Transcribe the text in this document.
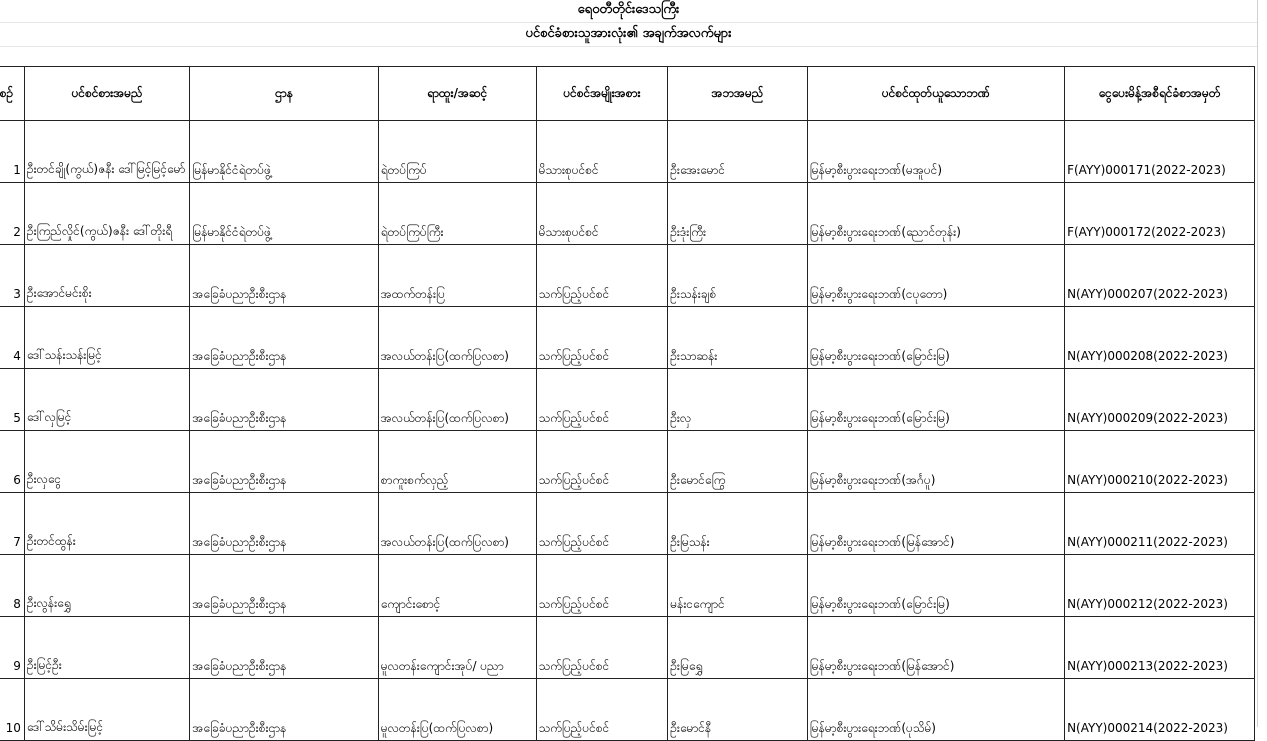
ရေဝတီတိုင်းဒေသကြီး
ပင်စင်ခံစားသူအားလုံး၏ အချက်အလက်များ
စဉ်	ပင်စင်စားအမည်	ဌာန	ရာထူး/အဆင့်	ပင်စင်အမျိုးအစား	အဘအမည်	ပင်စင်ထုတ်ယူသောဘဏ်	ငွေပေးမိန့်အစီရင်ခံစာအမှတ်
1	ဦးတင်ချို(ကွယ်)ဇနီး ဒေါ်မြင့်မြင့်မော်	မြန်မာနိုင်ငံရဲတပ်ဖွဲ့	ရဲတပ်ကြပ်	မိသားစုပင်စင်	ဦးအေးမောင်	မြန်မာ့စီးပွားရေးဘဏ်(မအူပင်)	F(AYY)000171(2022-2023)
2	ဦးကြည်လှိုင်(ကွယ်)ဇနီး ဒေါ်တိုးရီ	မြန်မာနိုင်ငံရဲတပ်ဖွဲ့	ရဲတပ်ကြပ်ကြီး	မိသားစုပင်စင်	ဦးဒုံးကြီး	မြန်မာ့စီးပွားရေးဘဏ်(ညောင်တုန်း)	F(AYY)000172(2022-2023)
3	ဦးအောင်မင်းစိုး	အခြေခံပညာဦးစီးဌာန	အထက်တန်းပြ	သက်ပြည့်ပင်စင်	ဦးသန်းချစ်	မြန်မာ့စီးပွားရေးဘဏ်(ငပုတော)	N(AYY)000207(2022-2023)
4	ဒေါ်သန်းသန်းမြင့်	အခြေခံပညာဦးစီးဌာန	အလယ်တန်းပြ(ထက်ပြလစာ)	သက်ပြည့်ပင်စင်	ဦးသာဆန်း	မြန်မာ့စီးပွားရေးဘဏ်(မြောင်းမြ)	N(AYY)000208(2022-2023)
5	ဒေါ်လှမြင့်	အခြေခံပညာဦးစီးဌာန	အလယ်တန်းပြ(ထက်ပြလစာ)	သက်ပြည့်ပင်စင်	ဦးလှ	မြန်မာ့စီးပွားရေးဘဏ်(မြောင်းမြ)	N(AYY)000209(2022-2023)
6	ဦးလှငွေ	အခြေခံပညာဦးစီးဌာန	စာကူးစက်လှည့်	သက်ပြည့်ပင်စင်	ဦးမောင်ကြွေ	မြန်မာ့စီးပွားရေးဘဏ်(အင်္ဂပူ)	N(AYY)000210(2022-2023)
7	ဦးတင်ထွန်း	အခြေခံပညာဦးစီးဌာန	အလယ်တန်းပြ(ထက်ပြလစာ)	သက်ပြည့်ပင်စင်	ဦးမြသန်း	မြန်မာ့စီးပွားရေးဘဏ်(မြန်အောင်)	N(AYY)000211(2022-2023)
8	ဦးလွန်းရွှေ	အခြေခံပညာဦးစီးဌာန	ကျောင်းစောင့်	သက်ပြည့်ပင်စင်	မန်းငကျောင်	မြန်မာ့စီးပွားရေးဘဏ်(မြောင်းမြ)	N(AYY)000212(2022-2023)
9	ဦးမြင့်ဦး	အခြေခံပညာဦးစီးဌာန	မူလတန်းကျောင်းအုပ်/ ပညာ	သက်ပြည့်ပင်စင်	ဦးမြရွှေ	မြန်မာ့စီးပွားရေးဘဏ်(မြန်အောင်)	N(AYY)000213(2022-2023)
10	ဒေါ်သိမ်းသိမ်းမြင့်	အခြေခံပညာဦးစီးဌာန	မူလတန်းပြ(ထက်ပြလစာ)	သက်ပြည့်ပင်စင်	ဦးမောင်နီ	မြန်မာ့စီးပွားရေးဘဏ်(ပုသိမ်)	N(AYY)000214(2022-2023)
